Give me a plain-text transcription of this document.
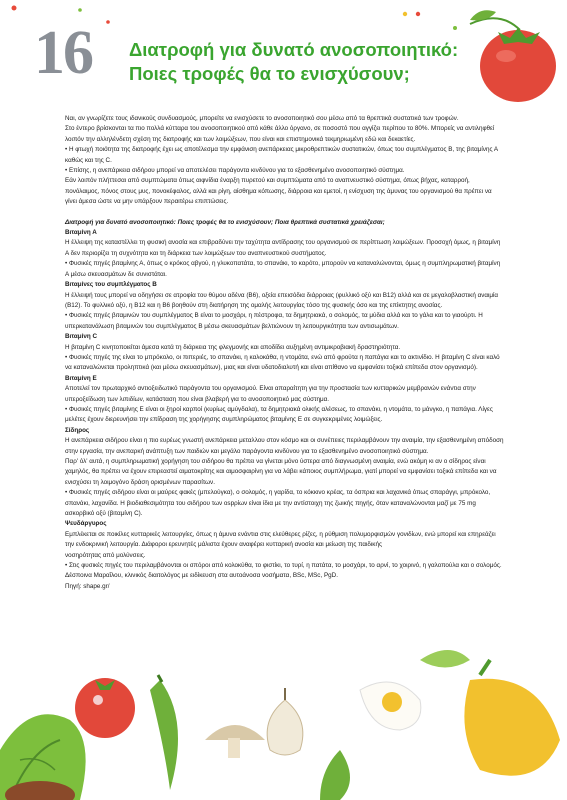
16 Διατροφή για δυνατό ανοσοποιητικό:
Ποιες τροφές θα το ενισχύσουν;

Ναι, αν γνωρίζετε τους ιδανικούς συνδυασμούς, μπορείτε να ενισχύσετε το ανοσοποιητικό σου μέσω από τα θρεπτικά συστατικά των τροφών.

Στο έντερο βρίσκονται τα πιο πολλά κύτταρα του ανοσοποιητικού από κάθε άλλο όργανο, σε ποσοστό που αγγίζει περίπου το 80%. Μπορείς να αντιληφθεί λοιπόν την αλληλένδετη σχέση της διατροφής και των λοιμώξεων, που είναι και επιστημονικά τεκμηριωμένη εδώ και δεκαετίες.

• Η φτωχή ποιότητα της διατροφής έχει ως αποτέλεσμα την εμφάνιση ανεπάρκειας μικροθρεπτικών συστατικών, όπως του συμπλέγματος Β, της βιταμίνης Α καθώς και της C.

• Επίσης, η ανεπάρκεια σιδήρου μπορεί να αποτελέσει παράγοντα κινδύνου για το εξασθενημένο ανοσοποιητικό σύστημα.

Εάν λοιπόν πλήττεσαι από συμπτώματα όπως αιφνίδια έναρξη πυρετού και συμπτώματα από το αναπνευστικό σύστημα, όπως βήχας, καταρροή, πονόλαιμος, πόνος στους μυς, πονοκέφαλος, αλλά και ρίγη, αίσθημα κόπωσης, διάρροια και εμετοί, η ενίσχυση της άμυνας του οργανισμού θα πρέπει να γίνει άμεσα ώστε να μην υπάρξουν περαιτέρω επιπτώσεις.

Διατροφή για δυνατό ανοσοποιητικό: Ποιες τροφές θα το ενισχύσουν; Ποια θρεπτικά συστατικά χρειάζεσαι;

Βιταμίνη Α

Η έλλειψη της καταστέλλει τη φυσική ανοσία και επιβραδύνει την ταχύτητα αντίδρασης του οργανισμού σε περίπτωση λοιμώξεων. Προσοχή όμως, η βιταμίνη Α δεν περιορίζει τη συχνότητα και τη διάρκεια των λοιμώξεων του αναπνευστικού συστήματος.

• Φυσικές πηγές βιταμίνης Α, όπως ο κρόκος αβγού, η γλυκοπατάτα, το σπανάκι, το καρότο, μπορούν να καταναλώνονται, όμως η συμπληρωματική βιταμίνη Α μέσω σκευασμάτων δε συνιστάται.

Βιταμίνες του συμπλέγματος Β

Η έλλειψή τους μπορεί να οδηγήσει σε ατροφία του θύμου αδένα (Β6), οξεία επεισόδια διάρροιας (φυλλικό οξύ και Β12) αλλά και σε μεγαλοβλαστική αναιμία (Β12). Το φυλλικό οξύ, η Β12 και η Β6 βοηθούν στη διατήρηση της ομαλής λειτουργίας τόσο της φυσικής όσο και της επίκτητης ανοσίας.

• Φυσικές πηγές βιταμινών του συμπλέγματος Β είναι το μοσχάρι, η πέστροφα, τα δημητριακά, ο σολομός, τα μύδια αλλά και το γάλα και το γιαούρτι. Η υπερκατανάλωση βιταμινών του συμπλέγματος Β μέσω σκευασμάτων βελτιώνουν τη λειτουργικότητα των αντισωμάτων.

Βιταμίνη C

Η βιταμίνη C κινητοποιείται άμεσα κατά τη διάρκεια της φλεγμονής και αποδίδει αυξημένη αντιμικροβιακή δραστηριότητα.

• Φυσικές πηγές της είναι το μπρόκολο, οι πιπεριές, το σπανάκι, η καλοκάθα, η ντομάτα, ενώ από φρούτα η παπάγια και το ακτινίδιο. Η βιταμίνη C είναι καλό να καταναλώνεται προληπτικά (και μέσω σκευασμάτων), μιας και είναι υδατοδιαλυτή και είναι απίθανο να εμφανίσει τοξικά επίπεδα στον οργανισμό).

Βιταμίνη Ε

Αποτελεί τον πρωταρχικό αντιοξειδωτικό παράγοντα του οργανισμού. Είναι απαραίτητη για την προστασία των κυτταρικών μεμβρανών ενάντια στην υπεροξείδωση των λιπιδίων, κατάσταση που είναι βλαβερή για το ανοσοποιητικό μας σύστημα.

• Φυσικές πηγές βιταμίνης Ε είναι οι ξηροί καρποί (κυρίως αμύγδαλα), τα δημητριακά ολικής αλέσεως, το σπανάκι, η ντομάτα, το μάνγκο, η παπάγια. Λίγες μελέτες έχουν διερευνήσει την επίδραση της χορήγησης συμπληρώματος βιταμίνης Ε σε συγκεκριμένες λοιμώξεις.

Σίδηρος

Η ανεπάρκεια σιδήρου είναι η πιο ευρέως γνωστή ανεπάρκεια μεταλλου στον κόσμο και οι συνέπειες περιλαμβάνουν την αναιμία, την εξασθενημένη απόδοση στην εργασία, την ανεπαρκή ανάπτυξη των παιδιών και μεγάλο παράγοντα κινδύνου για το εξασθενημένο ανοσοποιητικό σύστημα.

Παρ' όλ' αυτά, η συμπληρωματική χορήγηση του σιδήρου θα πρέπει να γίνεται μόνο ύστερα από διαγνωσμένη αναιμία, ενώ ακόμη κι αν ο σίδηρος είναι χαμηλός, θα πρέπει να έχουν επιρεαστεί αιματοκρίτης και αιμοσφαιρίνη για να λάβει κάποιος συμπλήρωμα, γιατί μπορεί να εμφανίσει τοξικά επίπεδα και να ενισχύσει τη λοιμογόνο δράση ορισμένων παρασίτων.

• Φυσικές πηγές σιδήρου είναι οι μαύρες φακές (μπελούγκα), ο σολομός, η γαρίδα, το κόκκινο κρέας, τα όσπρια και λαχανικά όπως σπαράγγι, μπρόκολο, σπανάκι, λαχανίδα. Η βιοδιαθεσιμότητα του σιδήρου των ospρίων είναι ίδια με την αντίστοιχη της ζωικής πηγής, όταν καταναλώνονται μαζί με 75 mg ασκορβικό οξύ (βιταμίνη C).

Ψευδάργυρος

Εμπλέκεται σε ποικίλες κυτταρικές λειτουργίες, όπως η άμυνα ενάντια στις ελεύθερες ρίζες, η ρύθμιση πολυμορφισμών γονιδίων, ενώ μπορεί και επηρεάζει την ενδοκρινική λειτουργία. Διάφοροι ερευνητές μάλιστα έχουν αναφέρει κυτταρική ανοσία και μείωση της παιδικής

νοσηρότητας από μολύνσεις.

• Στις φυσικές πηγές του περιλαμβάνονται οι σπόροι από κολοκύθα, το φιστίκι, το τυρί, η πατάτα, το μοσχάρι, το αρνί, το χοιρινό, η γαλοπούλα και ο σολομός.

Δέσποινα Μαραΐλου, κλινικός διαιτολόγος με ειδίκευση στα αυτοάνοσα νοσήματα, BSc, MSc, PgD.

Πηγή: shape.gr/
